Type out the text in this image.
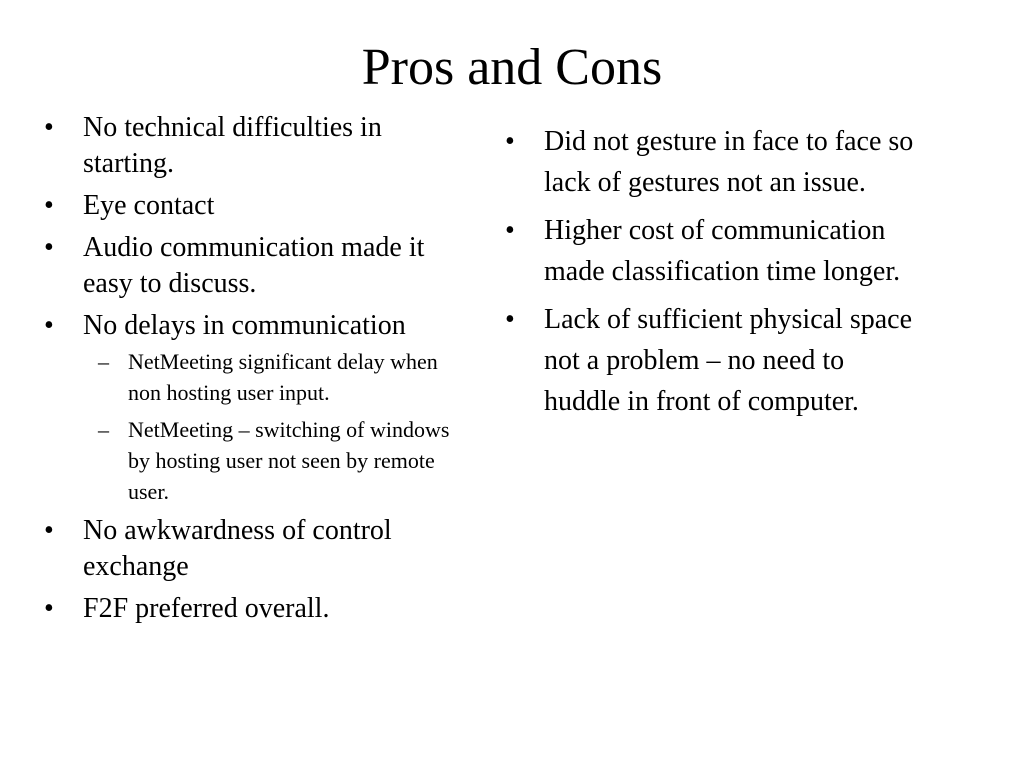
Pros and Cons
• No technical difficulties in starting.
• Eye contact
• Audio communication made it easy to discuss.
• No delays in communication
– NetMeeting significant delay when non hosting user input.
– NetMeeting – switching of windows by hosting user not seen by remote user.
• No awkwardness of control exchange
• F2F preferred overall.
• Did not gesture in face to face so lack of gestures not an issue.
• Higher cost of communication made classification time longer.
• Lack of sufficient physical space not a problem – no need to huddle in front of computer.
